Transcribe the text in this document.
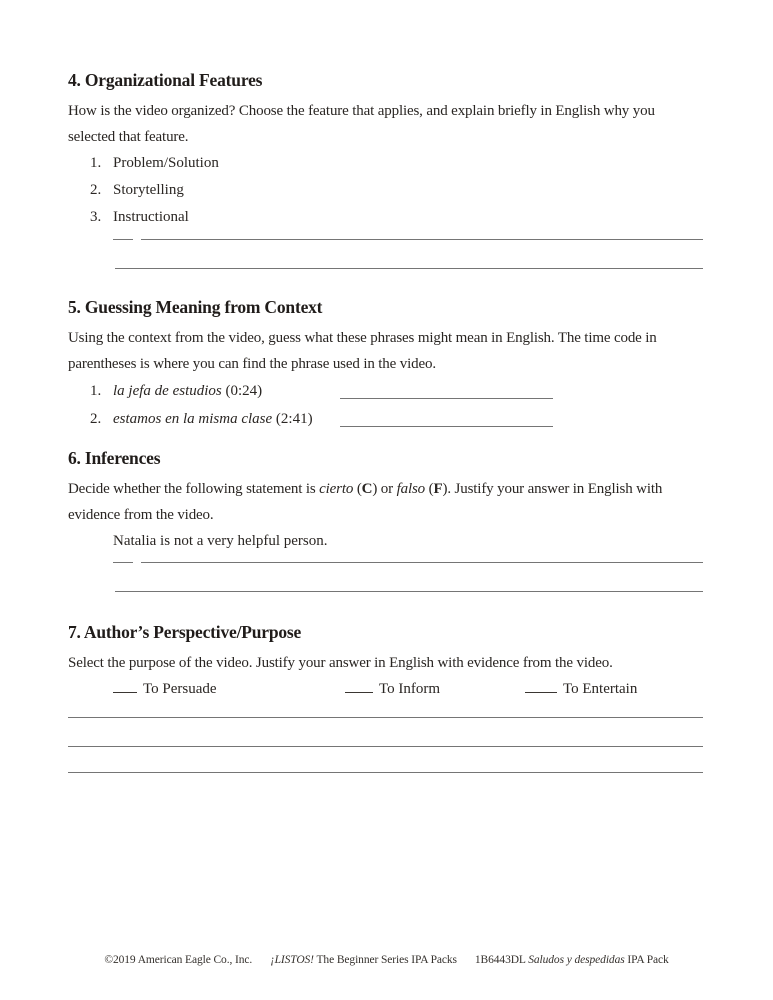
4. Organizational Features

How is the video organized? Choose the feature that applies, and explain briefly in English why you
selected that feature.

1. Problem/Solution
2. Storytelling
3. Instructional
5. Guessing Meaning from Context

Using the context from the video, guess what these phrases might mean in English. The time code in
parentheses is where you can find the phrase used in the video.

1. la jefa de estudios (0:24)
2. estamos en la misma clase (2:41)
6. Inferences

Decide whether the following statement is cierto (C) or falso (F). Justify your answer in English with
evidence from the video.

Natalia is not a very helpful person.

7. Author’s Perspective/Purpose

Select the purpose of the video. Justify your answer in English with evidence from the video.

To Persuade	To Inform	To Entertain
©2019 American Eagle Co., Inc. ¡LISTOS! The Beginner Series IPA Packs 1B6443DL Saludos y despedidas IPA Pack
